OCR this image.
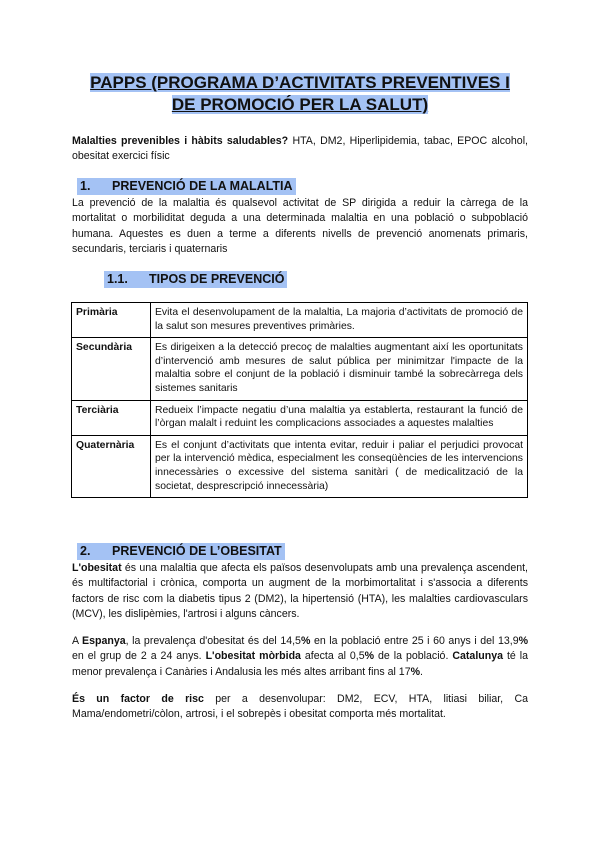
PAPPS (PROGRAMA D’ACTIVITATS PREVENTIVES I
DE PROMOCIÓ PER LA SALUT)
Malalties prevenibles i hàbits saludables? HTA, DM2, Hiperlipidemia, tabac, EPOC alcohol, obesitat exercici físic
1. PREVENCIÓ DE LA MALALTIA
La prevenció de la malaltia és qualsevol activitat de SP dirigida a reduir la càrrega de la mortalitat o morbiliditat deguda a una determinada malaltia en una població o subpoblació humana. Aquestes es duen a terme a diferents nivells de prevenció anomenats primaris, secundaris, terciaris i quaternaris
1.1. TIPOS DE PREVENCIÓ
Primària	Evita el desenvolupament de la malaltia, La majoria d’activitats de promoció de la salut son mesures preventives primàries.
Secundària	Es dirigeixen a la detecció precoç de malalties augmentant així les oportunitats d’intervenció amb mesures de salut pública per minimitzar l'impacte de la malaltia sobre el conjunt de la població i disminuir també la sobrecàrrega dels sistemes sanitaris
Terciària	Redueix l’impacte negatiu d’una malaltia ya establerta, restaurant la funció de l’òrgan malalt i reduint les complicacions associades a aquestes malalties
Quaternària	Es el conjunt d’activitats que intenta evitar, reduir i paliar el perjudici provocat per la intervenció mèdica, especialment les conseqüències de les intervencions innecessàries o excessive del sistema sanitàri ( de medicalització de la societat, desprescripció innecessària)
2. PREVENCIÓ DE L’OBESITAT
L'obesitat és una malaltia que afecta els països desenvolupats amb una prevalença ascendent, és multifactorial i crònica, comporta un augment de la morbimortalitat i s'associa a diferents factors de risc com la diabetis tipus 2 (DM2), la hipertensió (HTA), les malalties cardiovasculars (MCV), les dislipèmies, l'artrosi i alguns càncers.
A Espanya, la prevalença d'obesitat és del 14,5% en la població entre 25 i 60 anys i del 13,9% en el grup de 2 a 24 anys. L'obesitat mòrbida afecta al 0,5% de la població. Catalunya té la menor prevalença i Canàries i Andalusia les més altes arribant fins al 17%.
És un factor de risc per a desenvolupar: DM2, ECV, HTA, litiasi biliar, Ca Mama/endometri/còlon, artrosi, i el sobrepès i obesitat comporta més mortalitat.
